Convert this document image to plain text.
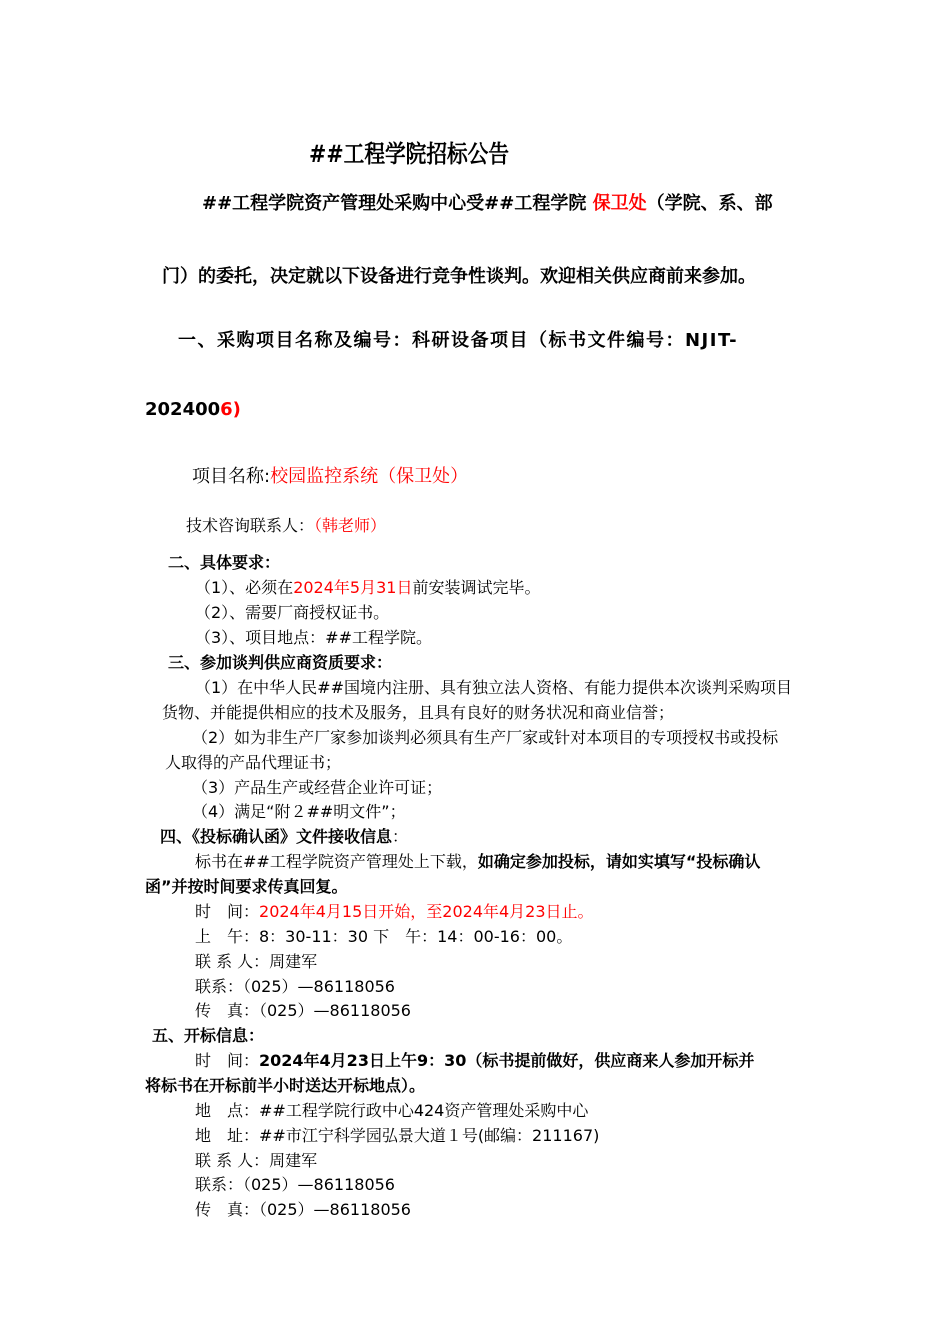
##工程学院招标公告
##工程学院资产管理处采购中心受##工程学院 保卫处（学院、系、部
门）的委托，决定就以下设备进行竞争性谈判。欢迎相关供应商前来参加。
一、采购项目名称及编号：科研设备项目（标书文件编号：NJIT-
2024006)
项目名称:校园监控系统（保卫处）
技术咨询联系人：（韩老师）
二、具体要求：
（1）、必须在2024年5月31日前安装调试完毕。
（2）、需要厂商授权证书。
（3）、项目地点：##工程学院。
三、参加谈判供应商资质要求：
（1）在中华人民##国境内注册、具有独立法人资格、有能力提供本次谈判采购项目
货物、并能提供相应的技术及服务，且具有良好的财务状况和商业信誉；
（2）如为非生产厂家参加谈判必须具有生产厂家或针对本项目的专项授权书或投标
人取得的产品代理证书；
（3）产品生产或经营企业许可证；
（4）满足“附２##明文件”；
四、《投标确认函》文件接收信息：
标书在##工程学院资产管理处上下载，如确定参加投标，请如实填写“投标确认
函”并按时间要求传真回复。
时　间：2024年4月15日开始，至2024年4月23日止。
上　午：8：30-11：30 下　午：14：00-16：00。
联 系 人：周建军
联系：（025）—86118056
传　真：（025）—86118056
五、开标信息：
时　间：2024年4月23日上午9：30（标书提前做好，供应商来人参加开标并
将标书在开标前半小时送达开标地点）。
地　点：##工程学院行政中心424资产管理处采购中心
地　址：##市江宁科学园弘景大道１号(邮编：211167)
联 系 人：周建军
联系：（025）—86118056
传　真：（025）—86118056
